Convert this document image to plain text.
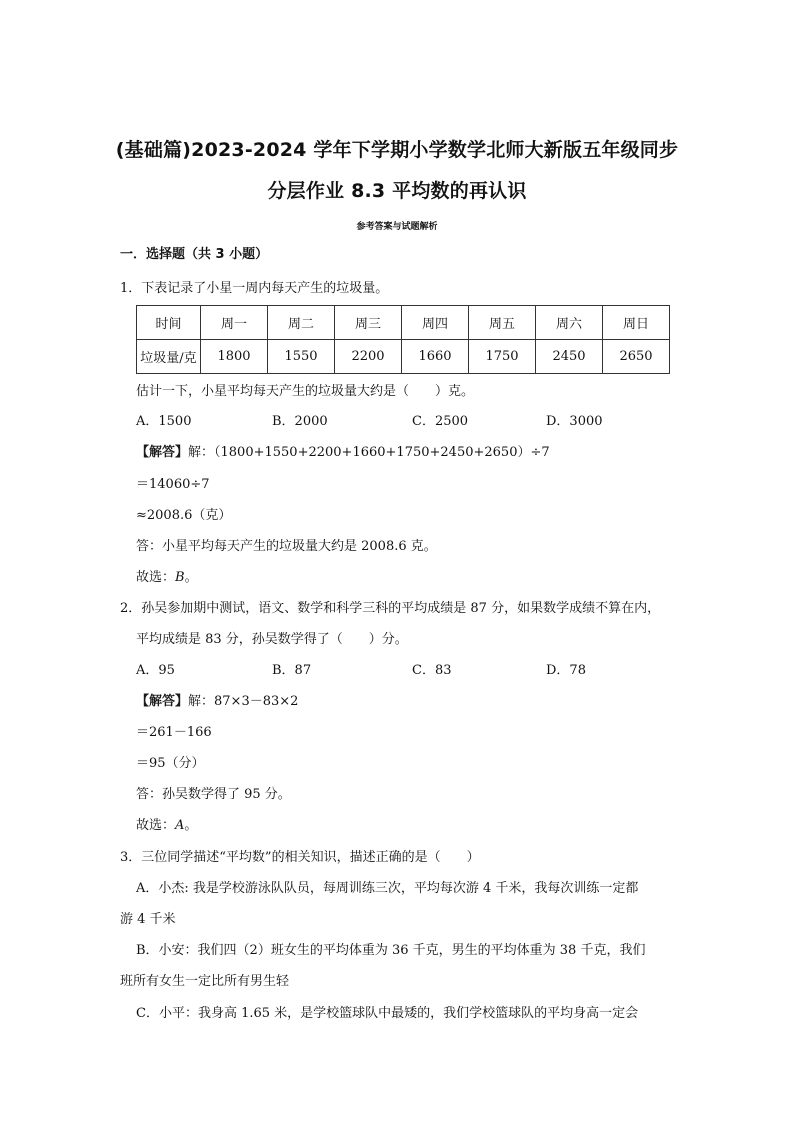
(基础篇)2023-2024 学年下学期小学数学北师大新版五年级同步
分层作业 8.3 平均数的再认识
参考答案与试题解析
一．选择题（共 3 小题）
1．下表记录了小星一周内每天产生的垃圾量。
时间	周一	周二	周三	周四	周五	周六	周日
垃圾量/克	1800	1550	2200	1660	1750	2450	2650
估计一下，小星平均每天产生的垃圾量大约是（　　）克。
A．1500	B．2000	C．2500	D．3000
【解答】解：（1800+1550+2200+1660+1750+2450+2650）÷7
＝14060÷7
≈2008.6（克）
答：小星平均每天产生的垃圾量大约是 2008.6 克。
故选：B。
2．孙吴参加期中测试，语文、数学和科学三科的平均成绩是 87 分，如果数学成绩不算在内，
平均成绩是 83 分，孙吴数学得了（　　）分。
A．95	B．87	C．83	D．78
【解答】解：87×3－83×2
＝261－166
＝95（分）
答：孙吴数学得了 95 分。
故选：A。
3．三位同学描述“平均数”的相关知识，描述正确的是（　　）
A．小杰: 我是学校游泳队队员，每周训练三次，平均每次游 4 千米，我每次训练一定都
游 4 千米
B．小安：我们四（2）班女生的平均体重为 36 千克，男生的平均体重为 38 千克，我们
班所有女生一定比所有男生轻
C．小平：我身高 1.65 米，是学校篮球队中最矮的，我们学校篮球队的平均身高一定会
